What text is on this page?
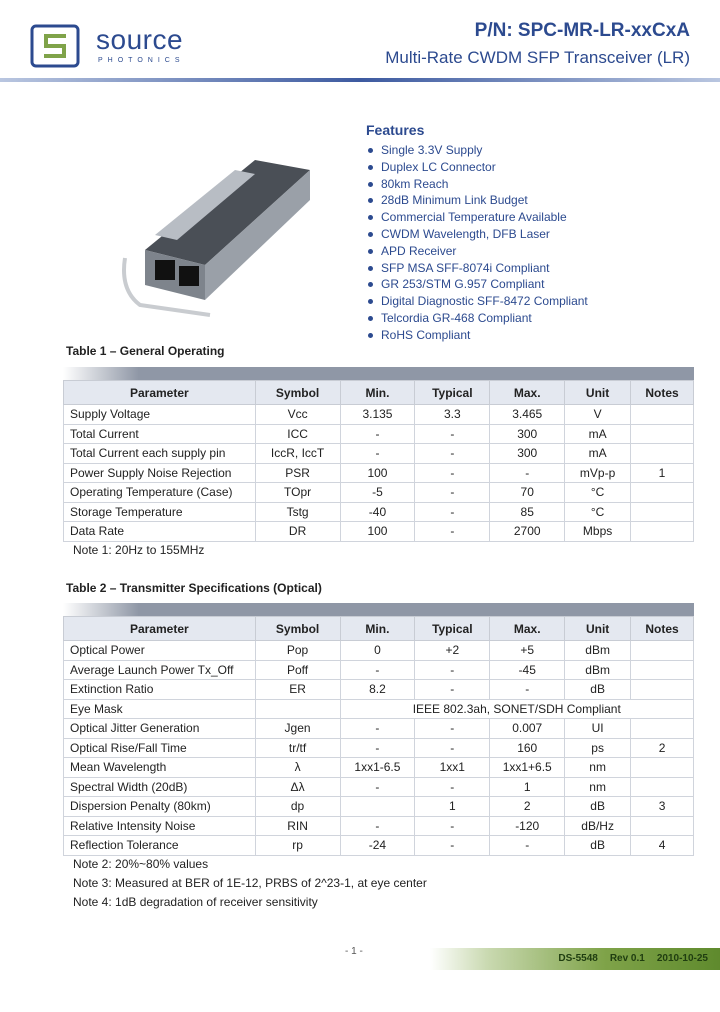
source
PHOTONICS
P/N: SPC-MR-LR-xxCxA
Multi-Rate CWDM SFP Transceiver (LR)
Features
Single 3.3V Supply
Duplex LC Connector
80km Reach
28dB Minimum Link Budget
Commercial Temperature Available
CWDM Wavelength, DFB Laser
APD Receiver
SFP MSA SFF-8074i Compliant
GR 253/STM G.957 Compliant
Digital Diagnostic SFF-8472 Compliant
Telcordia GR-468 Compliant
RoHS Compliant
Table 1 – General Operating
Parameter	Symbol	Min.	Typical	Max.	Unit	Notes
Supply Voltage	Vcc	3.135	3.3	3.465	V	
Total Current	ICC	-	-	300	mA	
Total Current each supply pin	IccR, IccT	-	-	300	mA	
Power Supply Noise Rejection	PSR	100	-	-	mVp-p	1
Operating Temperature (Case)	TOpr	-5	-	70	°C	
Storage Temperature	Tstg	-40	-	85	°C	
Data Rate	DR	100	-	2700	Mbps	
Note 1: 20Hz to 155MHz
Table 2 – Transmitter Specifications (Optical)
Parameter	Symbol	Min.	Typical	Max.	Unit	Notes
Optical Power	Pop	0	+2	+5	dBm	
Average Launch Power Tx_Off	Poff	-	-	-45	dBm	
Extinction Ratio	ER	8.2	-	-	dB	
Eye Mask		IEEE 802.3ah, SONET/SDH Compliant				
Optical Jitter Generation	Jgen	-	-	0.007	UI	
Optical Rise/Fall Time	tr/tf	-	-	160	ps	2
Mean Wavelength	λ	1xx1-6.5	1xx1	1xx1+6.5	nm	
Spectral Width (20dB)	Δλ	-	-	1	nm	
Dispersion Penalty (80km)	dp		1	2	dB	3
Relative Intensity Noise	RIN	-	-	-120	dB/Hz	
Reflection Tolerance	rp	-24	-	-	dB	4
Note 2: 20%~80% values
Note 3: Measured at BER of 1E-12, PRBS of 2^23-1, at eye center
Note 4: 1dB degradation of receiver sensitivity
- 1 -
DS-5548 Rev 0.1 2010-10-25
